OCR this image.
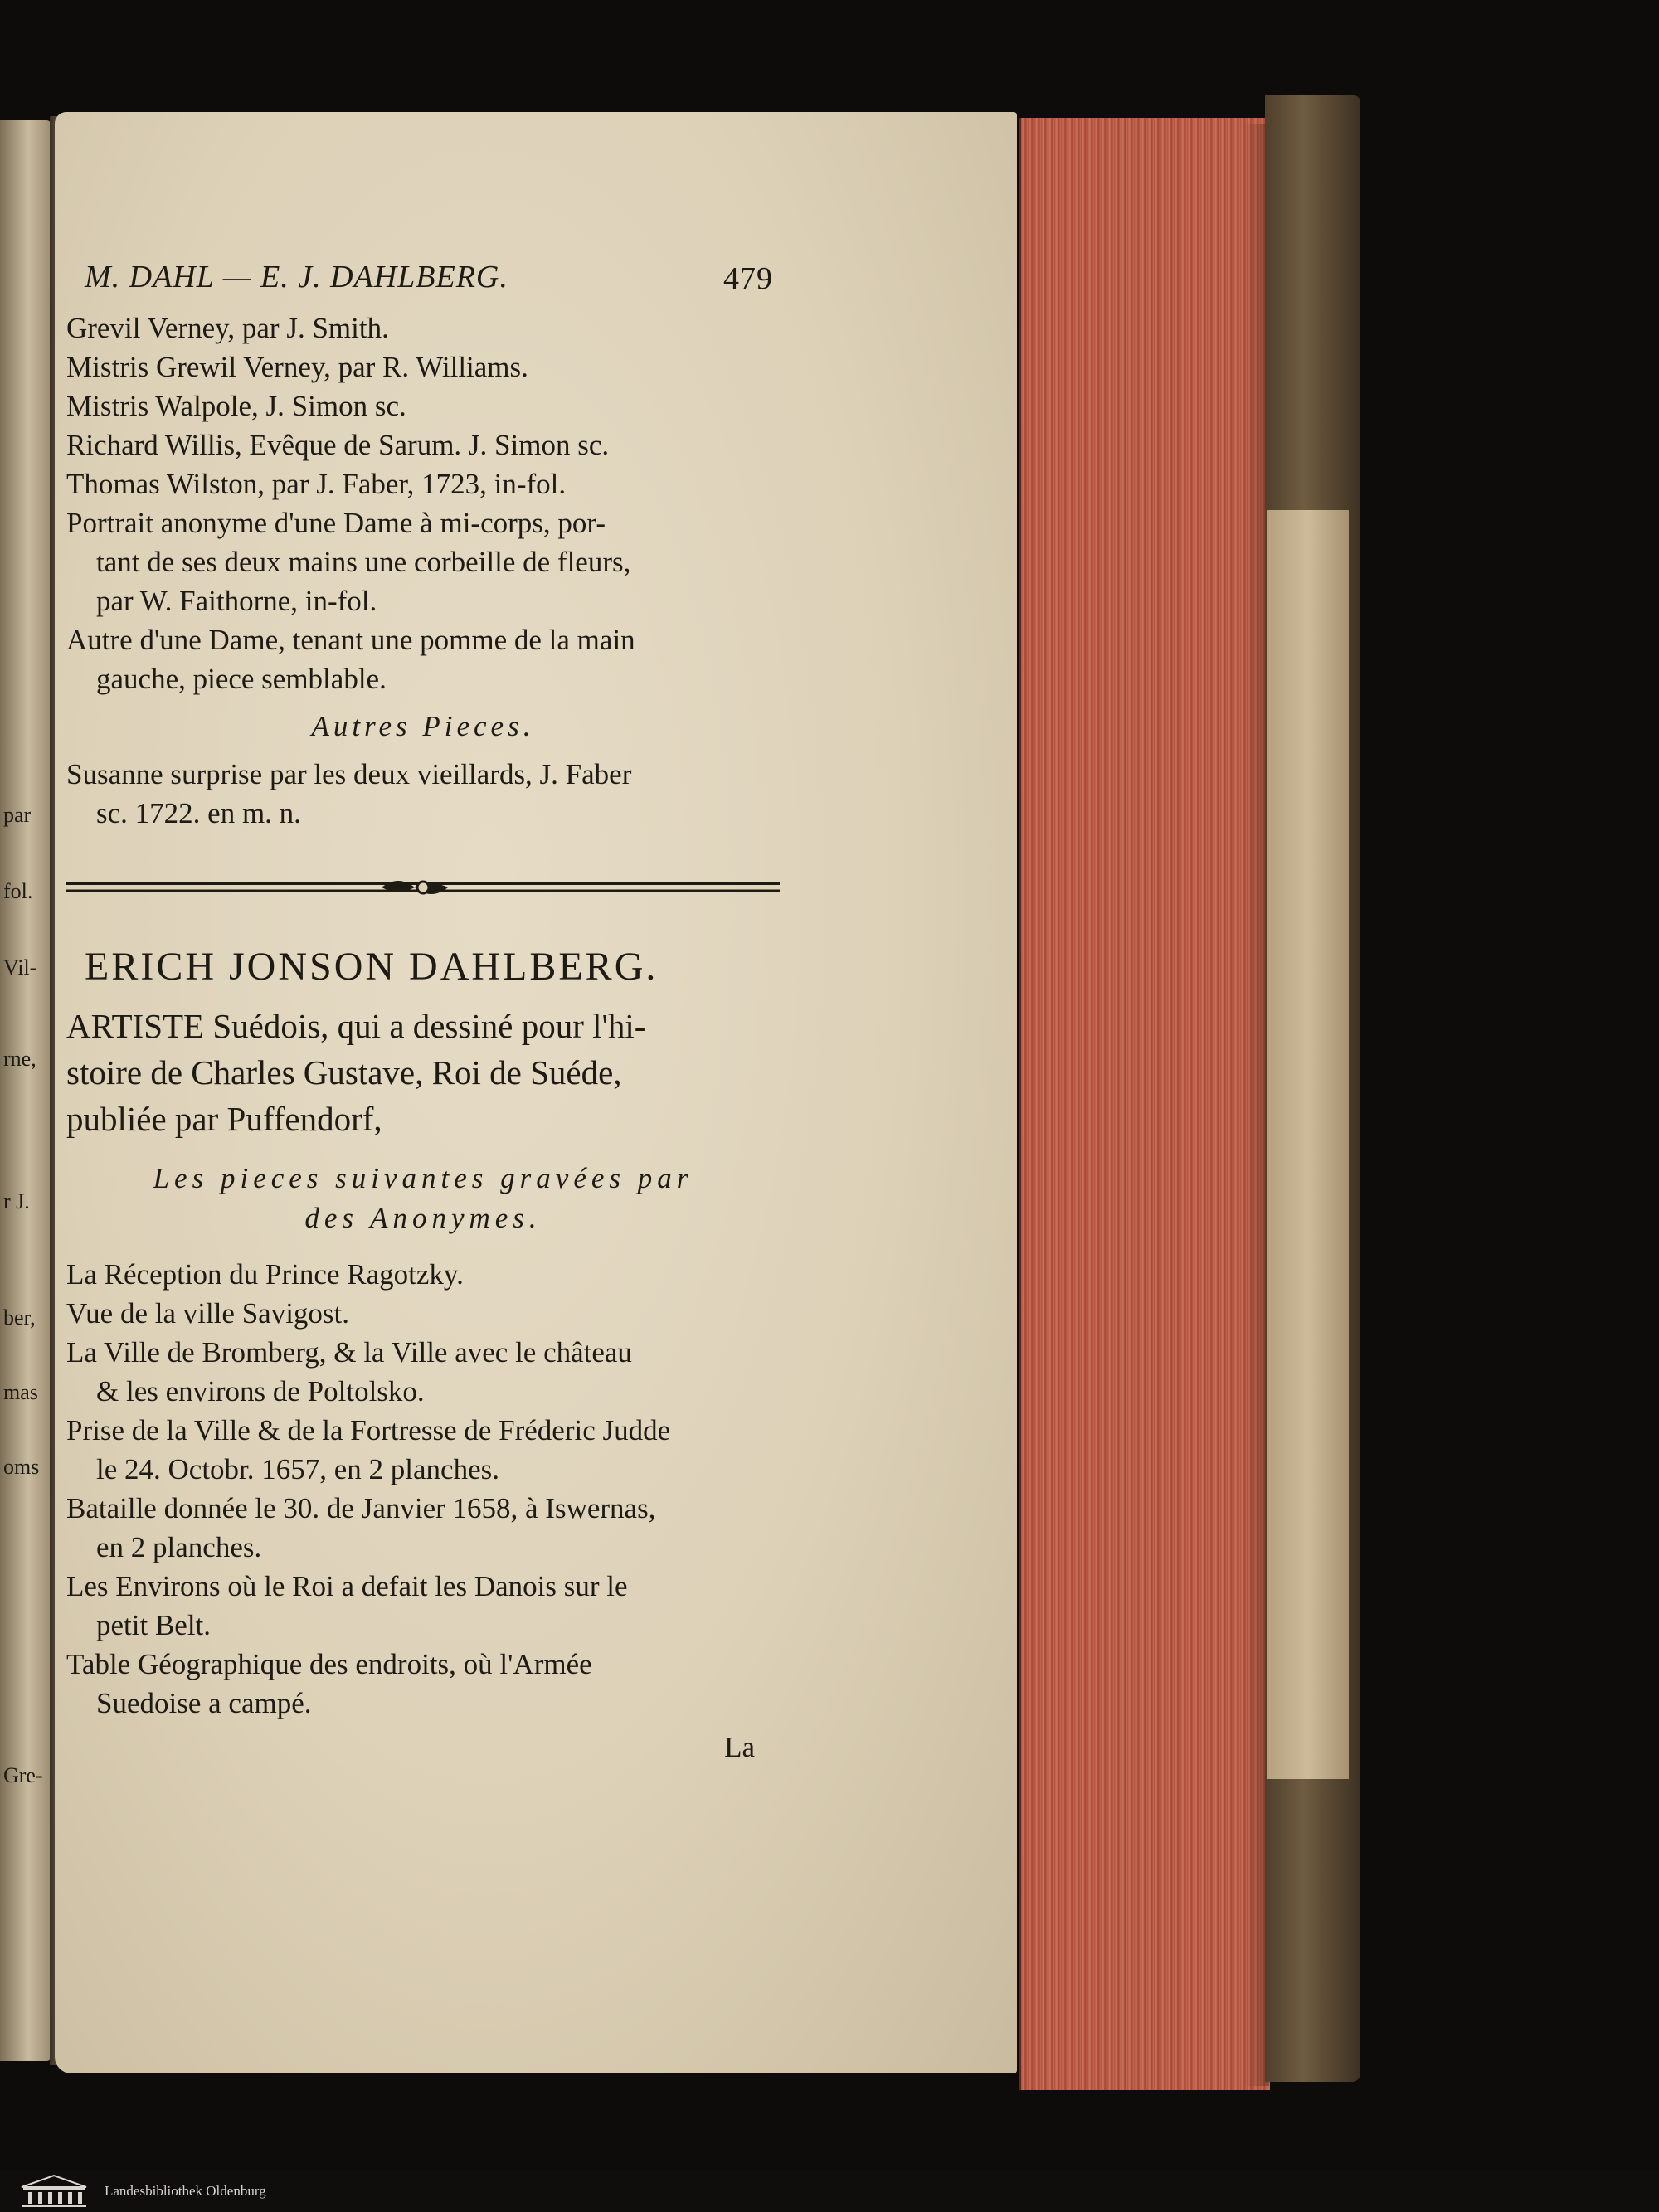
par
fol.
Vil-
rne,
r J.
ber,
mas
oms
Gre-
M. DAHL — E. J. DAHLBERG.	479
Grevil Verney, par J. Smith.
Mistris Grewil Verney, par R. Williams.
Mistris Walpole, J. Simon sc.
Richard Willis, Evêque de Sarum. J. Simon sc.
Thomas Wilston, par J. Faber, 1723, in-fol.
Portrait anonyme d'une Dame à mi-corps, por-
tant de ses deux mains une corbeille de fleurs,
par W. Faithorne, in-fol.
Autre d'une Dame, tenant une pomme de la main
gauche, piece semblable.
Autres Pieces.
Susanne surprise par les deux vieillards, J. Faber
sc. 1722. en m. n.
ERICH JONSON DAHLBERG.
ARTISTE Suédois, qui a dessiné pour l'hi-
stoire de Charles Gustave, Roi de Suéde,
publiée par Puffendorf,
Les pieces suivantes gravées par
des Anonymes.
La Réception du Prince Ragotzky.
Vue de la ville Savigost.
La Ville de Bromberg, & la Ville avec le château
& les environs de Poltolsko.
Prise de la Ville & de la Fortresse de Fréderic Judde
le 24. Octobr. 1657, en 2 planches.
Bataille donnée le 30. de Janvier 1658, à Iswernas,
en 2 planches.
Les Environs où le Roi a defait les Danois sur le
petit Belt.
Table Géographique des endroits, où l'Armée
Suedoise a campé.
La
Landesbibliothek Oldenburg
